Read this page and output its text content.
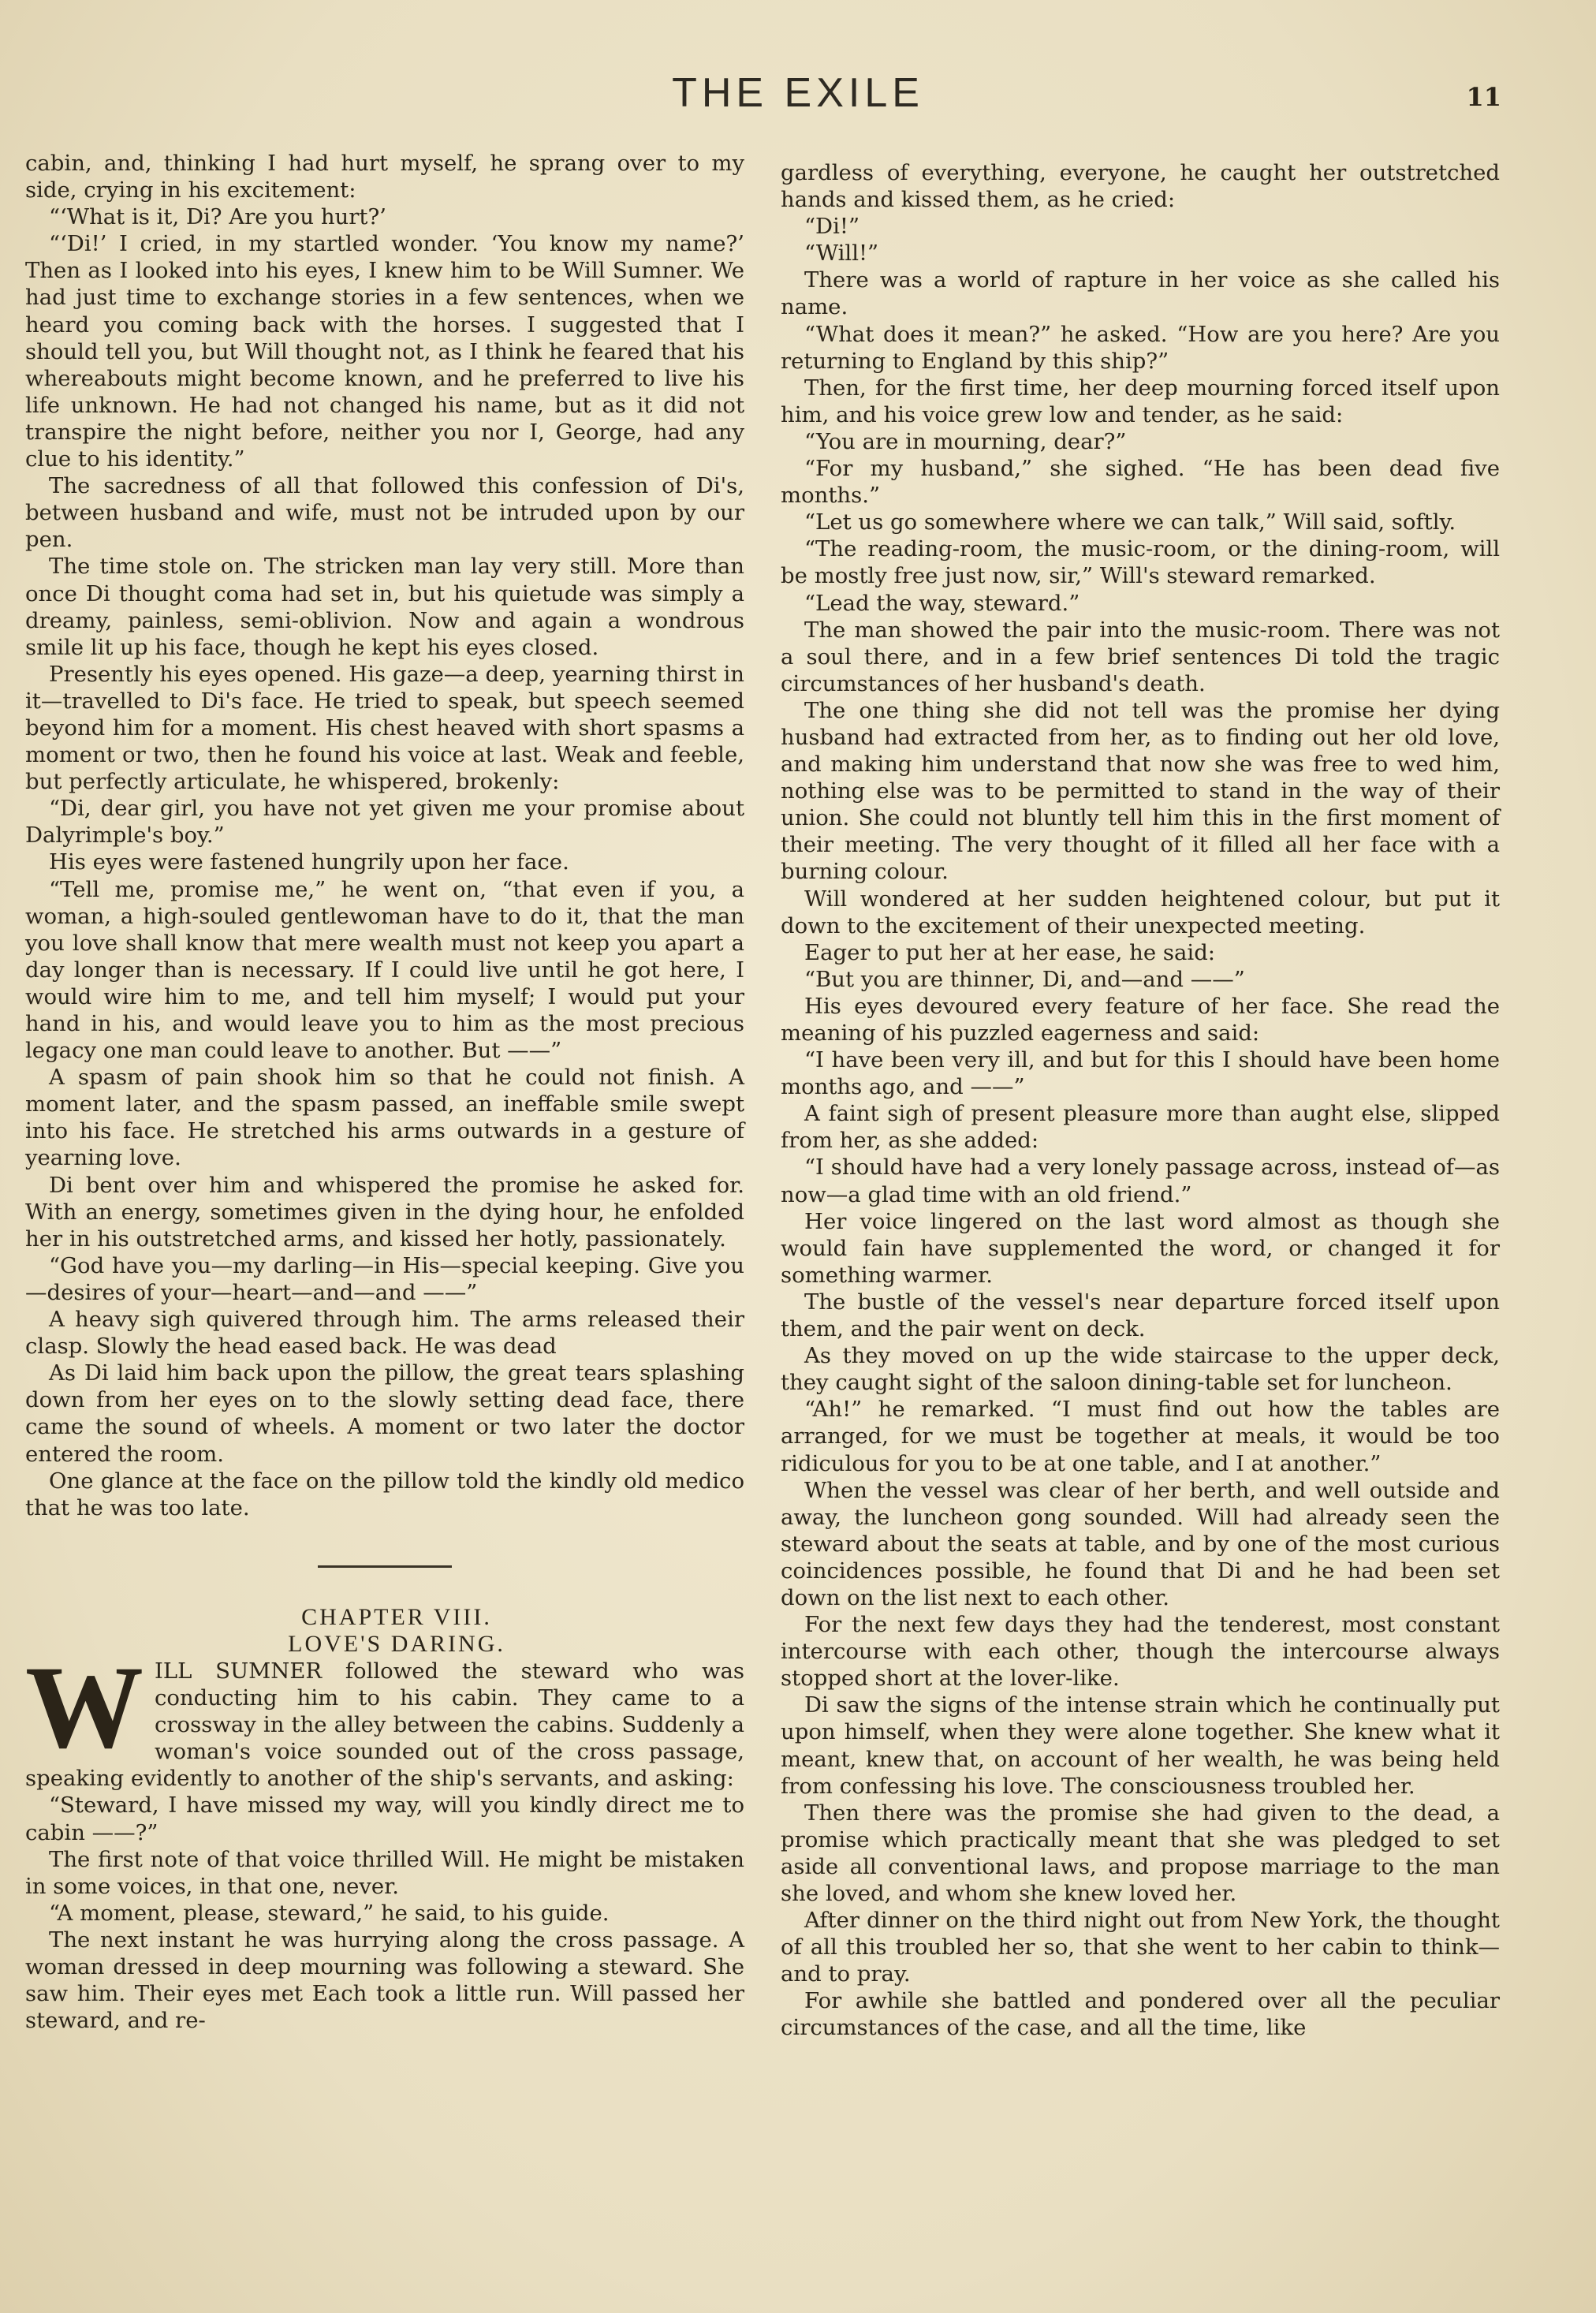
THE EXILE	11

cabin, and, thinking I had hurt myself, he sprang over to my side, crying in his excitement:

“‘What is it, Di? Are you hurt?’

“‘Di!’ I cried, in my startled wonder. ‘You know my name?’ Then as I looked into his eyes, I knew him to be Will Sumner. We had just time to exchange stories in a few sentences, when we heard you coming back with the horses. I suggested that I should tell you, but Will thought not, as I think he feared that his whereabouts might become known, and he preferred to live his life unknown. He had not changed his name, but as it did not transpire the night before, neither you nor I, George, had any clue to his identity.”

The sacredness of all that followed this confession of Di's, between husband and wife, must not be intruded upon by our pen.

The time stole on. The stricken man lay very still. More than once Di thought coma had set in, but his quietude was simply a dreamy, painless, semi-oblivion. Now and again a wondrous smile lit up his face, though he kept his eyes closed.

Presently his eyes opened. His gaze—a deep, yearning thirst in it—travelled to Di's face. He tried to speak, but speech seemed beyond him for a moment. His chest heaved with short spasms a moment or two, then he found his voice at last. Weak and feeble, but perfectly articulate, he whispered, brokenly:

“Di, dear girl, you have not yet given me your promise about Dalyrimple's boy.”

His eyes were fastened hungrily upon her face.

“Tell me, promise me,” he went on, “that even if you, a woman, a high-souled gentlewoman have to do it, that the man you love shall know that mere wealth must not keep you apart a day longer than is necessary. If I could live until he got here, I would wire him to me, and tell him myself; I would put your hand in his, and would leave you to him as the most precious legacy one man could leave to another. But ——”

A spasm of pain shook him so that he could not finish. A moment later, and the spasm passed, an ineffable smile swept into his face. He stretched his arms outwards in a gesture of yearning love.

Di bent over him and whispered the promise he asked for. With an energy, sometimes given in the dying hour, he enfolded her in his outstretched arms, and kissed her hotly, passionately.

“God have you—my darling—in His—special keeping. Give you—desires of your—heart—and—and ——”

A heavy sigh quivered through him. The arms released their clasp. Slowly the head eased back. He was dead

As Di laid him back upon the pillow, the great tears splashing down from her eyes on to the slowly setting dead face, there came the sound of wheels. A moment or two later the doctor entered the room.

One glance at the face on the pillow told the kindly old medico that he was too late.

CHAPTER VIII.

LOVE'S DARING.

WILL SUMNER followed the steward who was conducting him to his cabin. They came to a crossway in the alley between the cabins. Suddenly a woman's voice sounded out of the cross passage, speaking evidently to another of the ship's servants, and asking:

“Steward, I have missed my way, will you kindly direct me to cabin ——?”

The first note of that voice thrilled Will. He might be mistaken in some voices, in that one, never.

“A moment, please, steward,” he said, to his guide.

The next instant he was hurrying along the cross passage. A woman dressed in deep mourning was following a steward. She saw him. Their eyes met Each took a little run. Will passed her steward, and re-

gardless of everything, everyone, he caught her outstretched hands and kissed them, as he cried:

“Di!”

“Will!”

There was a world of rapture in her voice as she called his name.

“What does it mean?” he asked. “How are you here? Are you returning to England by this ship?”

Then, for the first time, her deep mourning forced itself upon him, and his voice grew low and tender, as he said:

“You are in mourning, dear?”

“For my husband,” she sighed. “He has been dead five months.”

“Let us go somewhere where we can talk,” Will said, softly.

“The reading-room, the music-room, or the dining-room, will be mostly free just now, sir,” Will's steward remarked.

“Lead the way, steward.”

The man showed the pair into the music-room. There was not a soul there, and in a few brief sentences Di told the tragic circumstances of her husband's death.

The one thing she did not tell was the promise her dying husband had extracted from her, as to finding out her old love, and making him understand that now she was free to wed him, nothing else was to be permitted to stand in the way of their union. She could not bluntly tell him this in the first moment of their meeting. The very thought of it filled all her face with a burning colour.

Will wondered at her sudden heightened colour, but put it down to the excitement of their unexpected meeting.

Eager to put her at her ease, he said:

“But you are thinner, Di, and—and ——”

His eyes devoured every feature of her face. She read the meaning of his puzzled eagerness and said:

“I have been very ill, and but for this I should have been home months ago, and ——”

A faint sigh of present pleasure more than aught else, slipped from her, as she added:

“I should have had a very lonely passage across, instead of—as now—a glad time with an old friend.”

Her voice lingered on the last word almost as though she would fain have supplemented the word, or changed it for something warmer.

The bustle of the vessel's near departure forced itself upon them, and the pair went on deck.

As they moved on up the wide staircase to the upper deck, they caught sight of the saloon dining-table set for luncheon.

“Ah!” he remarked. “I must find out how the tables are arranged, for we must be together at meals, it would be too ridiculous for you to be at one table, and I at another.”

When the vessel was clear of her berth, and well outside and away, the luncheon gong sounded. Will had already seen the steward about the seats at table, and by one of the most curious coincidences possible, he found that Di and he had been set down on the list next to each other.

For the next few days they had the tenderest, most constant intercourse with each other, though the intercourse always stopped short at the lover-like.

Di saw the signs of the intense strain which he continually put upon himself, when they were alone together. She knew what it meant, knew that, on account of her wealth, he was being held from confessing his love. The consciousness troubled her.

Then there was the promise she had given to the dead, a promise which practically meant that she was pledged to set aside all conventional laws, and propose marriage to the man she loved, and whom she knew loved her.

After dinner on the third night out from New York, the thought of all this troubled her so, that she went to her cabin to think—and to pray.

For awhile she battled and pondered over all the peculiar circumstances of the case, and all the time, like
